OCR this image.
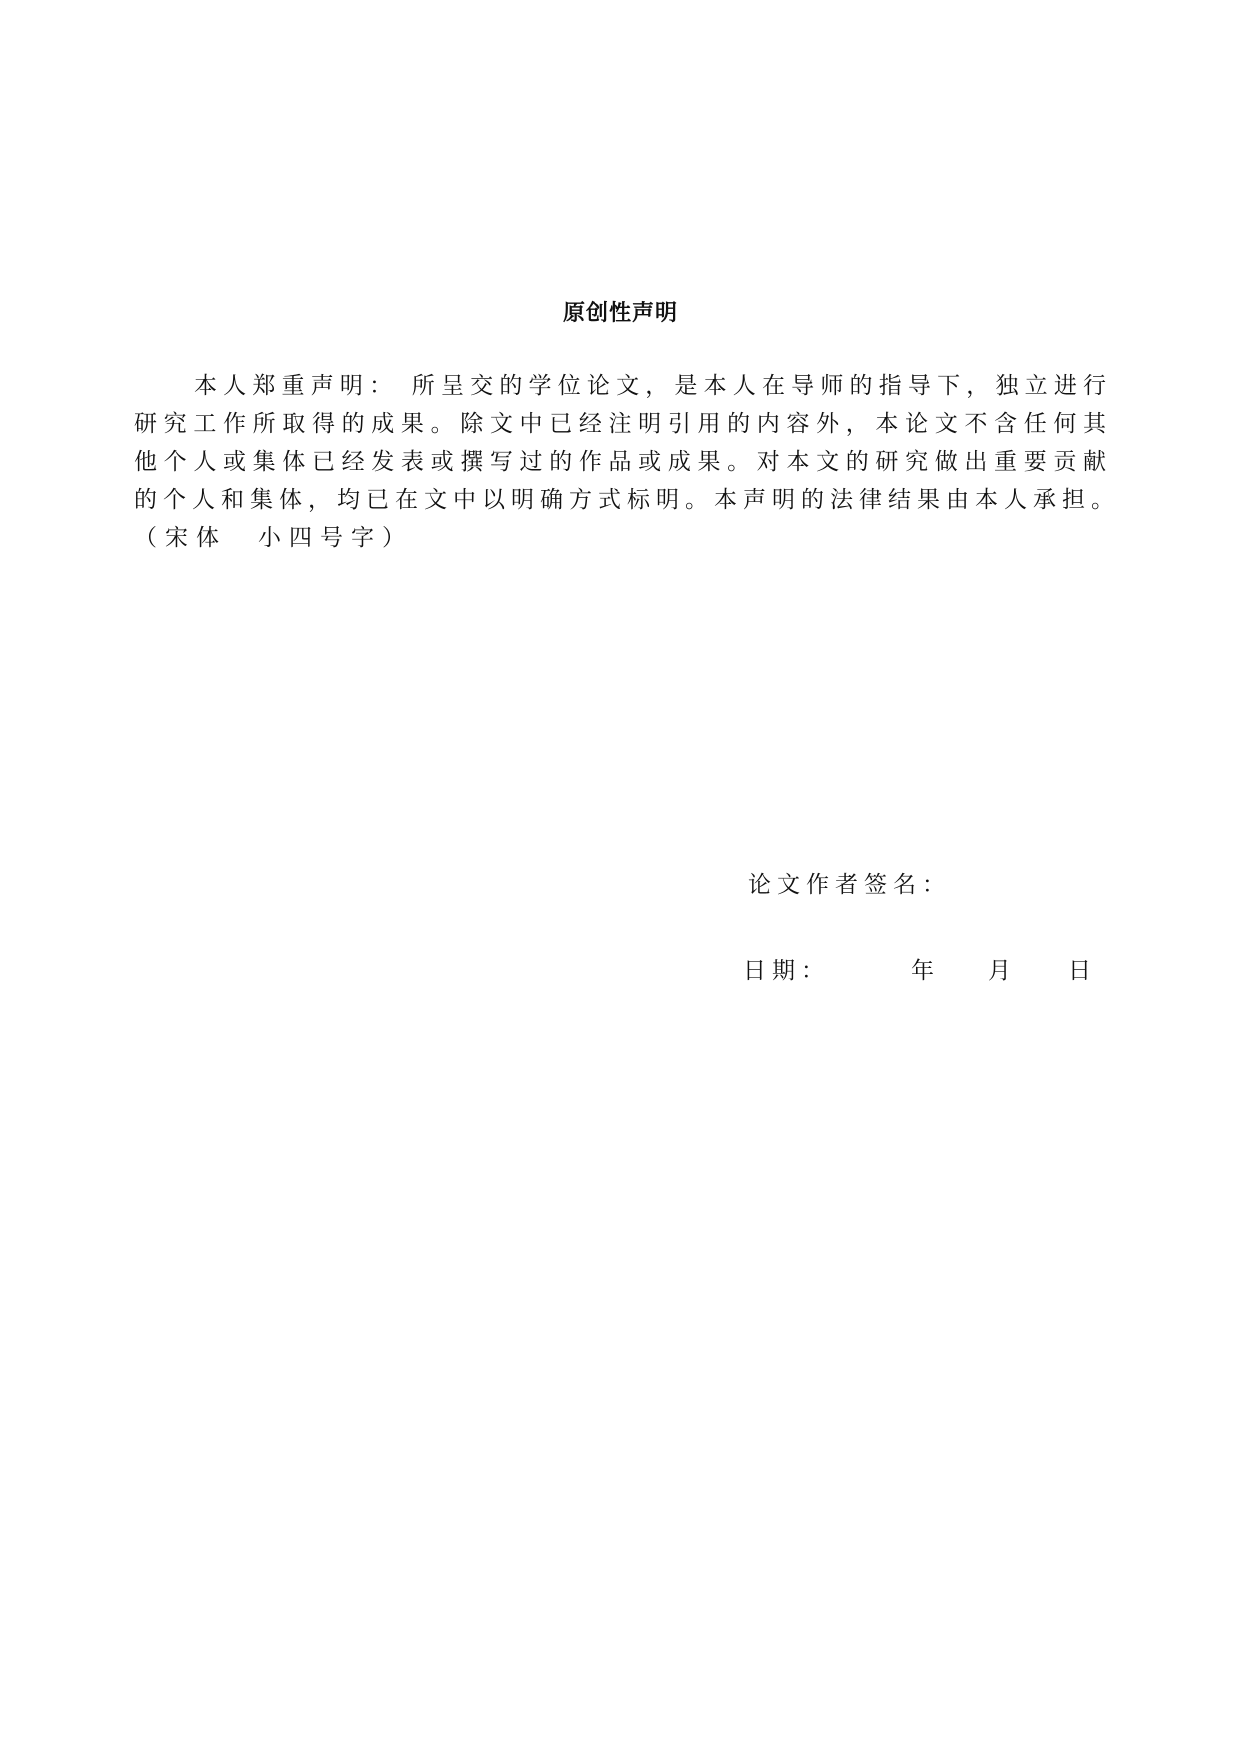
原创性声明
本人郑重声明： 所呈交的学位论文，是本人在导师的指导下，独立进行
研究工作所取得的成果。除文中已经注明引用的内容外，本论文不含任何其
他个人或集体已经发表或撰写过的作品或成果。对本文的研究做出重要贡献
的个人和集体，均已在文中以明确方式标明。本声明的法律结果由本人承担。
（宋体　小四号字）
论文作者签名：
日期：	年 月 日
